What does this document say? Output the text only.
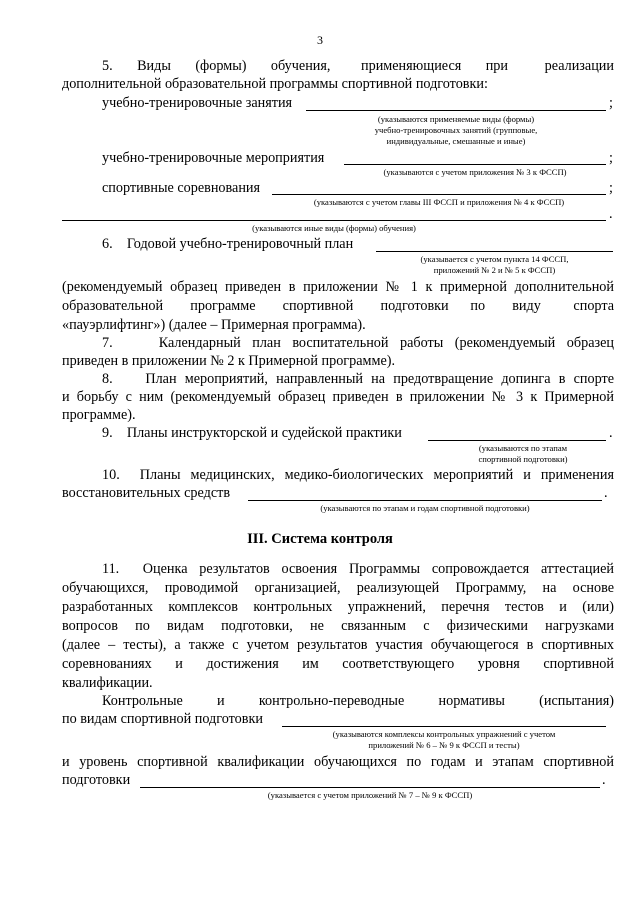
3
5.    Виды    (формы)    обучения,     применяющиеся    при      реализации
дополнительной образовательной программы спортивной подготовки:
учебно-тренировочные занятия	;
(указываются применяемые виды (формы)
учебно-тренировочных занятий (групповые,
индивидуальные, смешанные и иные)
учебно-тренировочные мероприятия	;
(указываются с учетом приложения № 3 к ФССП)
спортивные соревнования	;
(указываются с учетом главы III ФССП и приложения № 4 к ФССП)
.
(указываются иные виды (формы) обучения)
6.    Годовой учебно-тренировочный план
(указывается с учетом пункта 14 ФССП,
приложений № 2 и № 5 к ФССП)
(рекомендуемый образец приведен в приложении № 1 к примерной дополнительной
образовательной     программе     спортивной     подготовки    по     виду      спорта
«пауэрлифтинг») (далее – Примерная программа).
7.    Календарный план воспитательной работы (рекомендуемый образец
приведен в приложении № 2 к Примерной программе).
8.    План мероприятий, направленный на предотвращение допинга в спорте
и борьбу с ним (рекомендуемый образец приведен в приложении № 3 к Примерной
программе).
9.    Планы инструкторской и судейской практики	.
(указываются по этапам
спортивной подготовки)
10.  Планы медицинских, медико-биологических мероприятий и применения
восстановительных средств	.
(указываются по этапам и годам спортивной подготовки)
III. Система контроля
11.  Оценка результатов освоения Программы сопровождается аттестацией
обучающихся, проводимой организацией, реализующей Программу, на основе
разработанных комплексов контрольных упражнений, перечня тестов и (или)
вопросов по видам подготовки, не связанным с физическими нагрузками
(далее – тесты), а также с учетом результатов участия обучающегося в спортивных
соревнованиях    и    достижения    им    соответствующего    уровня    спортивной
квалификации.
Контрольные      и      контрольно-переводные      нормативы      (испытания)
по видам спортивной подготовки
(указываются комплексы контрольных упражнений с учетом
приложений № 6 – № 9 к ФССП и тесты)
и уровень спортивной квалификации обучающихся по годам и этапам спортивной
подготовки	.
(указывается с учетом приложений № 7 – № 9 к ФССП)
